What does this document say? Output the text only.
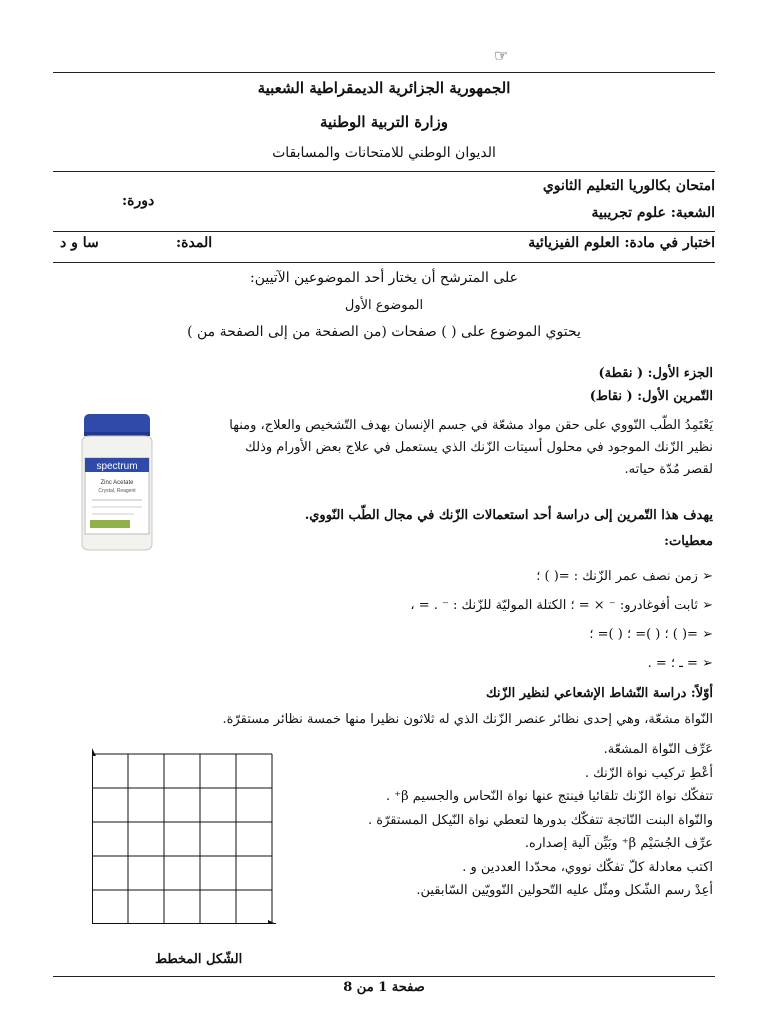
☞
الجمهورية الجزائرية الديمقراطية الشعبية
وزارة التربية الوطنية
الديوان الوطني للامتحانات والمسابقات
امتحان بكالوريا التعليم الثانوي
دورة:
الشعبة: علوم تجريبية
اختبار في مادة: العلوم الفيزيائية
المدة:
سا و د
على المترشح أن يختار أحد الموضوعين الآتيين:
الموضوع الأول
يحتوي الموضوع على ( ) صفحات (من الصفحة من إلى الصفحة من )
الجزء الأول: ( نقطة)
التّمرين الأول: ( نقاط)
يَعْتَمِدُ الطّب النّووي على حقن مواد مشعّة في جسم الإنسان بهدف التّشخيص والعلاج، ومنها
نظير الزّنك الموجود في محلول أسيتات الزّنك الذي يستعمل في علاج بعض الأورام وذلك
لقصر مُدّة حياته.
spectrum
Zinc Acetate
Crystal, Reagent
يهدف هذا التّمرين إلى دراسة أحد استعمالات الزّنك في مجال الطّب النّووي.
معطيات:
➢ زمن نصف عمر الزّنك : =( ) ؛
➢ ثابت أفوغادرو: ⁻ × = ؛ الكتلة الموليّة للزّنك : ⁻ . = ،
➢ =( ) ؛ ( )= ؛ ( )= ؛
➢ = ـ ؛ = .
أوّلاً: دراسة النّشاط الإشعاعي لنظير الزّنك
النّواة مشعّة، وهي إحدى نظائر عنصر الزّنك الذي له ثلاثون نظيرا منها خمسة نظائر مستقرّة.
عَرِّف النّواة المشعّة.
أعْطِ تركيب نواة الزّنك .
تتفكّك نواة الزّنك تلقائيا فينتج عنها نواة النّحاس والجسيم β⁺ .
والنّواة البنت النّاتجة تتفكّك بدورها لتعطي نواة النّيكل المستقرّة .
عرِّف الجُسَيْم β⁺ وبَيِّن آلية إصداره.
اكتب معادلة كلّ تفكّك نووي، محدّدا العددين و .
أعِدْ رسم الشّكل ومثّل عليه التّحولين النّوويّين السّابقين.
الشّكل المخطط
صفحة 1 من 8
